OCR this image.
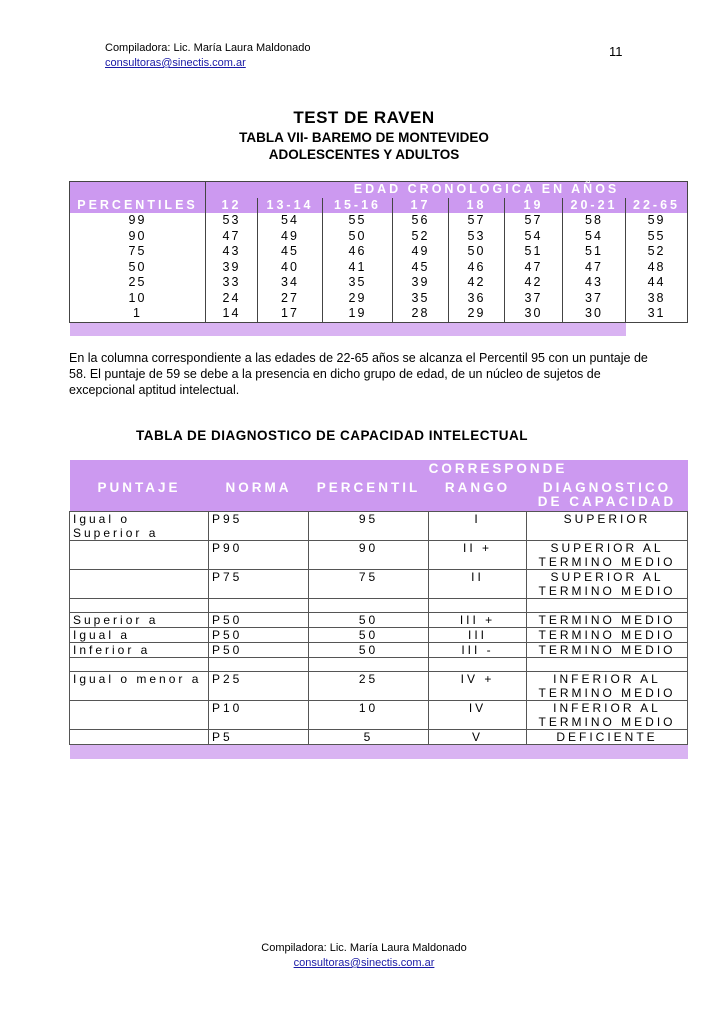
Compiladora: Lic. María Laura Maldonado
consultoras@sinectis.com.ar
11
TEST DE RAVEN
TABLA VII- BAREMO DE MONTEVIDEO
ADOLESCENTES Y ADULTOS
	EDAD CRONOLOGICA EN AÑOS							
PERCENTILES	12	13-14	15-16	17	18	19	20-21	22-65
99	53	54	55	56	57	57	58	59
90	47	49	50	52	53	54	54	55
75	43	45	46	49	50	51	51	52
50	39	40	41	45	46	47	47	48
25	33	34	35	39	42	42	43	44
10	24	27	29	35	36	37	37	38
1	14	17	19	28	29	30	30	31

En la columna correspondiente a las edades de 22-65 años se alcanza el Percentil 95 con un puntaje de
58. El puntaje de 59 se debe a la presencia en dicho grupo de edad, de un núcleo de sujetos de
excepcional aptitud intelectual.
TABLA DE DIAGNOSTICO DE CAPACIDAD INTELECTUAL
		CORRESPONDE		
PUNTAJE	NORMA	PERCENTIL	RANGO	DIAGNOSTICO DE CAPACIDAD
Igual o Superior a	P95	95	I	SUPERIOR
	P90	90	II +	SUPERIOR AL TERMINO MEDIO
	P75	75	II	SUPERIOR AL TERMINO MEDIO

Superior a	P50	50	III +	TERMINO MEDIO
Igual a	P50	50	III	TERMINO MEDIO
Inferior a	P50	50	III -	TERMINO MEDIO

Igual o menor a	P25	25	IV +	INFERIOR AL TERMINO MEDIO
	P10	10	IV	INFERIOR AL TERMINO MEDIO
	P5	5	V	DEFICIENTE

Compiladora: Lic. María Laura Maldonado
consultoras@sinectis.com.ar
